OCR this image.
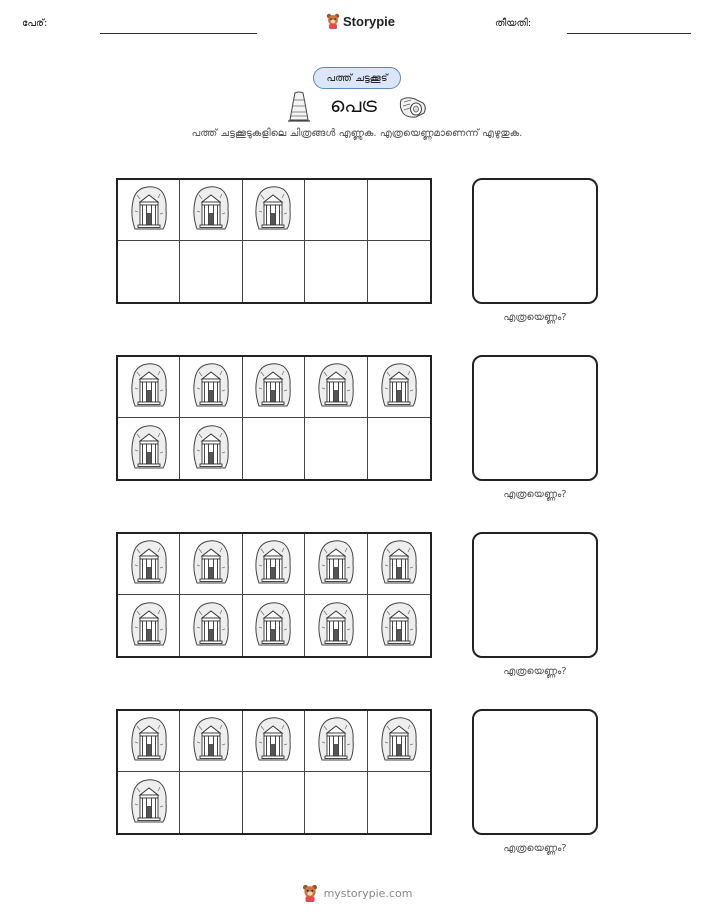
പേര്:	Storypie	തീയതി:
പത്ത് ചട്ടക്കൂട്
പെട്ര
പത്ത് ചട്ടക്കൂടുകളിലെ ചിത്രങ്ങൾ എണ്ണുക. എത്രയെണ്ണമാണെന്ന് എഴുതുക.
എത്രയെണ്ണം?
എത്രയെണ്ണം?
എത്രയെണ്ണം?
എത്രയെണ്ണം?
mystorypie.com
